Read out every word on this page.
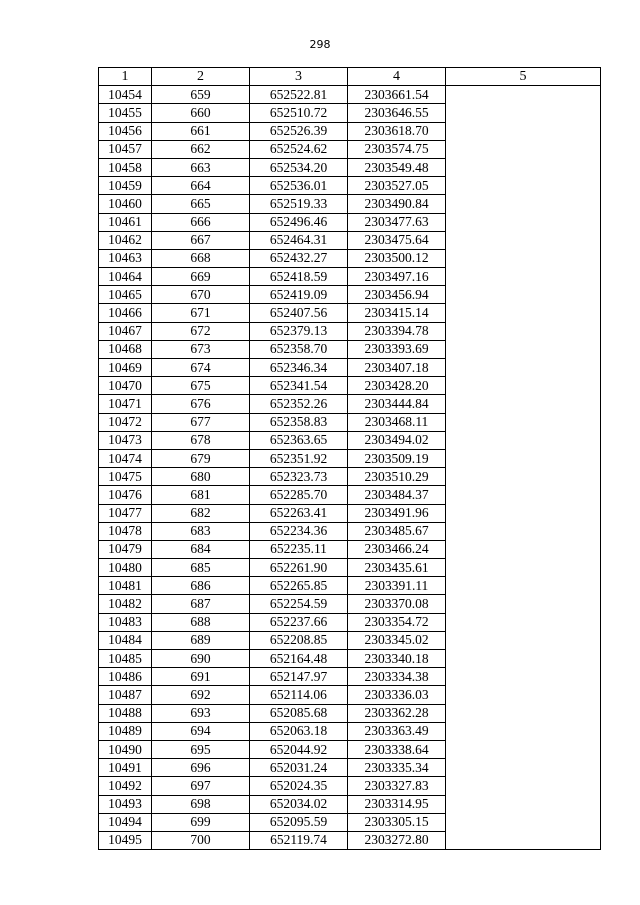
298
1	2	3	4	5
10454	659	652522.81	2303661.54	
10455	660	652510.72	2303646.55	
10456	661	652526.39	2303618.70	
10457	662	652524.62	2303574.75	
10458	663	652534.20	2303549.48	
10459	664	652536.01	2303527.05	
10460	665	652519.33	2303490.84	
10461	666	652496.46	2303477.63	
10462	667	652464.31	2303475.64	
10463	668	652432.27	2303500.12	
10464	669	652418.59	2303497.16	
10465	670	652419.09	2303456.94	
10466	671	652407.56	2303415.14	
10467	672	652379.13	2303394.78	
10468	673	652358.70	2303393.69	
10469	674	652346.34	2303407.18	
10470	675	652341.54	2303428.20	
10471	676	652352.26	2303444.84	
10472	677	652358.83	2303468.11	
10473	678	652363.65	2303494.02	
10474	679	652351.92	2303509.19	
10475	680	652323.73	2303510.29	
10476	681	652285.70	2303484.37	
10477	682	652263.41	2303491.96	
10478	683	652234.36	2303485.67	
10479	684	652235.11	2303466.24	
10480	685	652261.90	2303435.61	
10481	686	652265.85	2303391.11	
10482	687	652254.59	2303370.08	
10483	688	652237.66	2303354.72	
10484	689	652208.85	2303345.02	
10485	690	652164.48	2303340.18	
10486	691	652147.97	2303334.38	
10487	692	652114.06	2303336.03	
10488	693	652085.68	2303362.28	
10489	694	652063.18	2303363.49	
10490	695	652044.92	2303338.64	
10491	696	652031.24	2303335.34	
10492	697	652024.35	2303327.83	
10493	698	652034.02	2303314.95	
10494	699	652095.59	2303305.15	
10495	700	652119.74	2303272.80	
